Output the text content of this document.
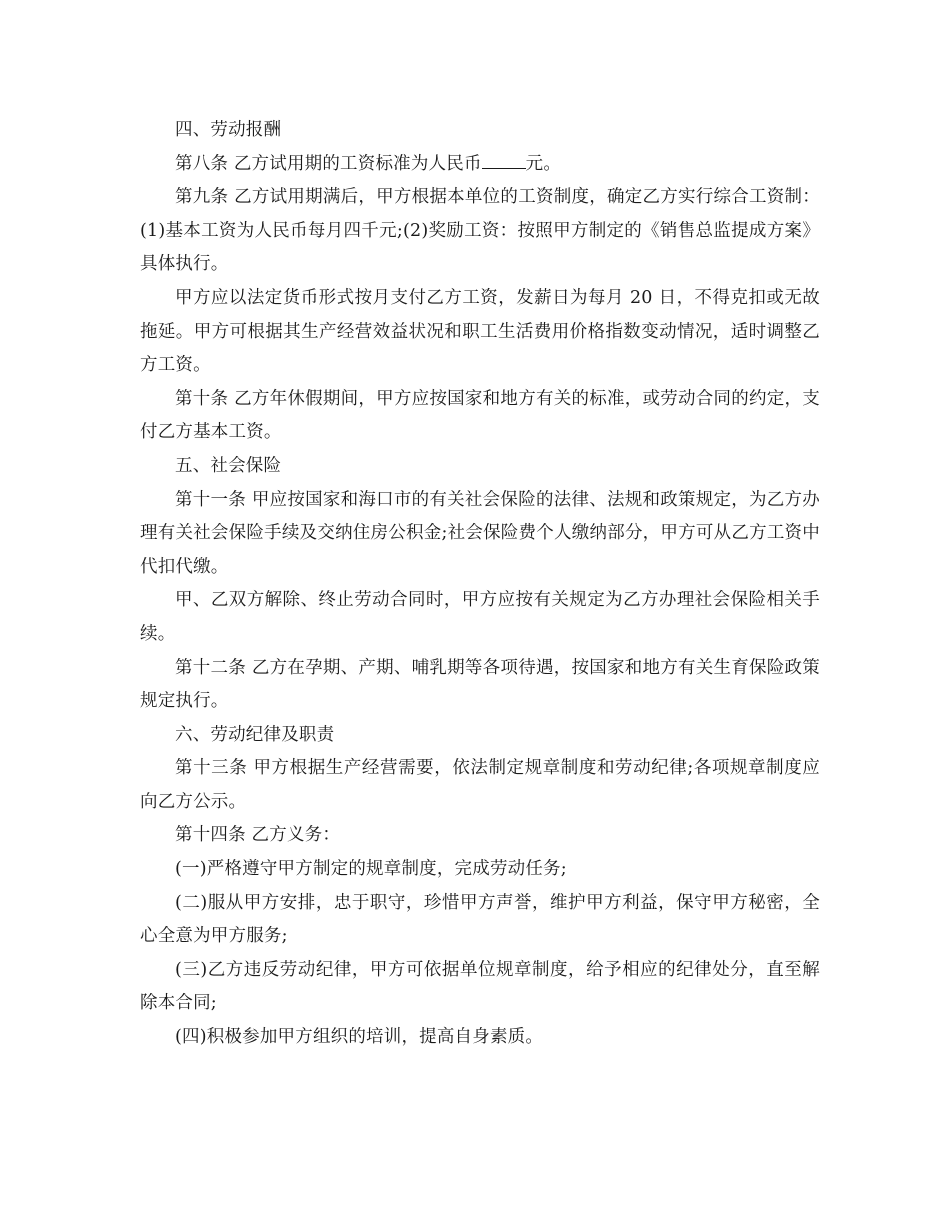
四、劳动报酬

第八条 乙方试用期的工资标准为人民币	元。

第九条 乙方试用期满后，甲方根据本单位的工资制度，确定乙方实行综合工资制：(1)基本工资为人民币每月四千元;(2)奖励工资：按照甲方制定的《销售总监提成方案》具体执行。

甲方应以法定货币形式按月支付乙方工资，发薪日为每月 20 日，不得克扣或无故拖延。甲方可根据其生产经营效益状况和职工生活费用价格指数变动情况，适时调整乙方工资。

第十条 乙方年休假期间，甲方应按国家和地方有关的标准，或劳动合同的约定，支付乙方基本工资。

五、社会保险

第十一条 甲应按国家和海口市的有关社会保险的法律、法规和政策规定，为乙方办理有关社会保险手续及交纳住房公积金;社会保险费个人缴纳部分，甲方可从乙方工资中代扣代缴。

甲、乙双方解除、终止劳动合同时，甲方应按有关规定为乙方办理社会保险相关手续。

第十二条 乙方在孕期、产期、哺乳期等各项待遇，按国家和地方有关生育保险政策规定执行。

六、劳动纪律及职责

第十三条 甲方根据生产经营需要，依法制定规章制度和劳动纪律;各项规章制度应向乙方公示。

第十四条 乙方义务：

(一)严格遵守甲方制定的规章制度，完成劳动任务;

(二)服从甲方安排，忠于职守，珍惜甲方声誉，维护甲方利益，保守甲方秘密，全心全意为甲方服务;

(三)乙方违反劳动纪律，甲方可依据单位规章制度，给予相应的纪律处分，直至解除本合同;

(四)积极参加甲方组织的培训，提高自身素质。
